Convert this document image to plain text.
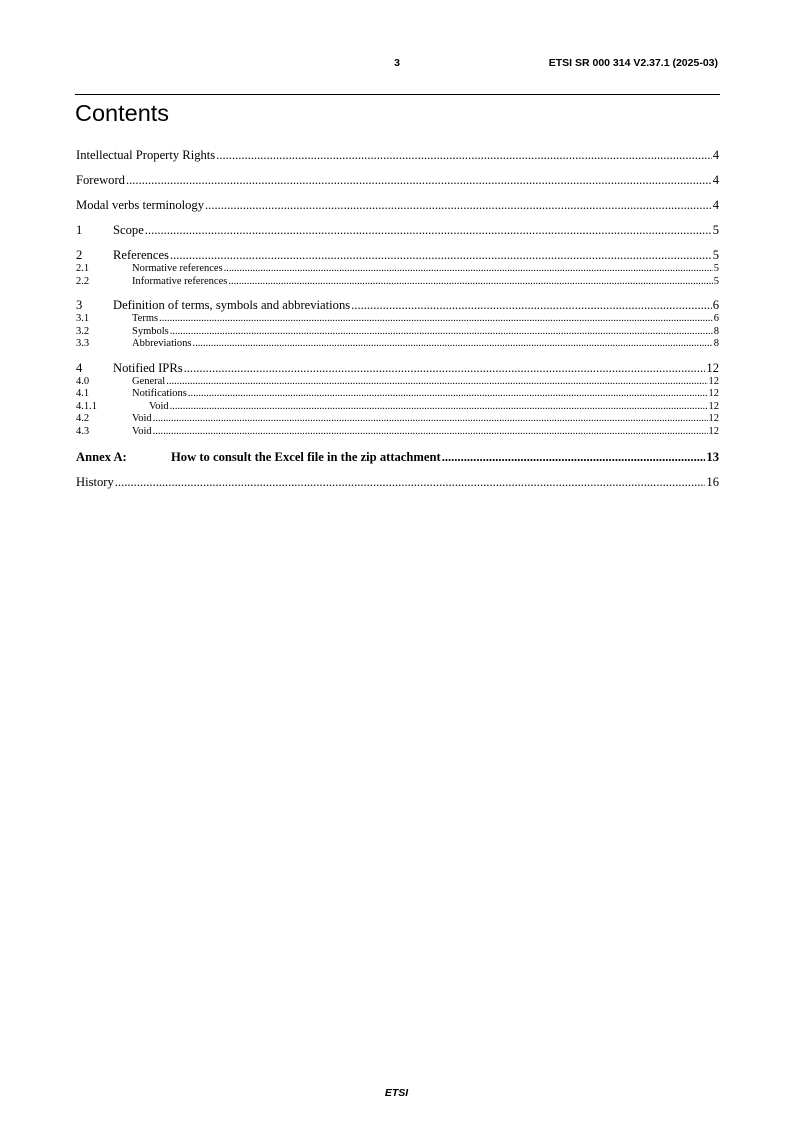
3	ETSI SR 000 314 V2.37.1 (2025-03)
Contents
Intellectual Property Rights .....	4
Foreword .....	4
Modal verbs terminology .....	4
1	Scope .....	5
2	References .....	5
2.1	Normative references .....	5
2.2	Informative references .....	5
3	Definition of terms, symbols and abbreviations .....	6
3.1	Terms .....	6
3.2	Symbols .....	8
3.3	Abbreviations .....	8
4	Notified IPRs .....	12
4.0	General .....	12
4.1	Notifications .....	12
4.1.1	Void .....	12
4.2	Void .....	12
4.3	Void .....	12
Annex A:	How to consult the Excel file in the zip attachment .....	13
History .....	16
ETSI
